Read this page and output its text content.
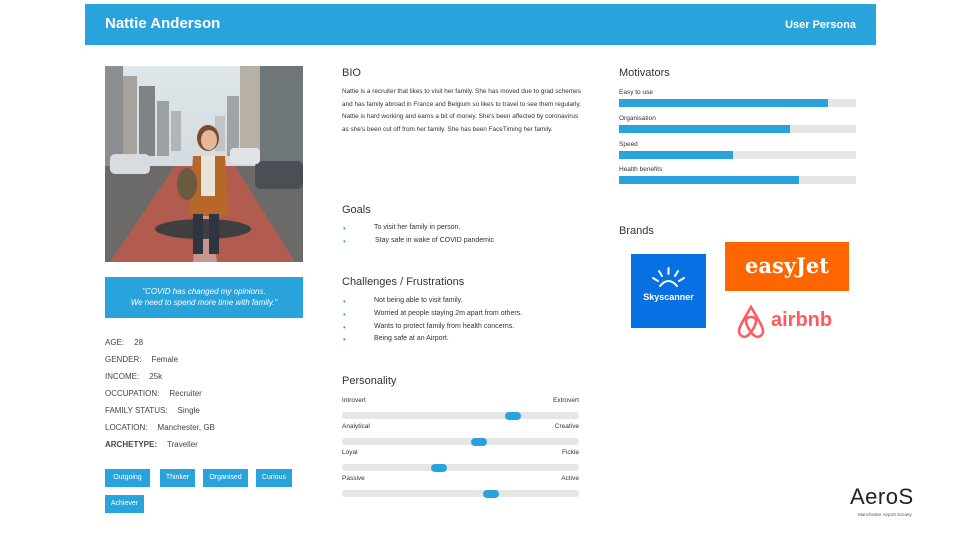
Nattie Anderson	User Persona
"COVID has changed my opinions.
We need to spend more time with family."
AGE: 28
GENDER: Female
INCOME: 25k
OCCUPATION: Recruiter
FAMILY STATUS: Single
LOCATION: Manchester, GB
ARCHETYPE: Traveller
Outgoing	Thinker	Organised	Curious
Achiever
BIO
Nattie is a recruiter that likes to visit her family. She has moved due to grad schemes and has family abroad in France and Belgium so likes to travel to see them regularly. Nattie is hard working and earns a bit of money. She's been affected by coronavirus as she's been cut off from her family. She has been FaceTiming her family.
Goals
•	To visit her family in person.
•	Stay safe in wake of COVID pandemic
Challenges / Frustrations
•	Not being able to visit family.
•	Worried at people staying 2m apart from others.
•	Wants to protect family from health concerns.
•	Being safe at an Airport.
Personality
Introvert	Extrovert
Analytical	Creative
Loyal	Fickle
Passive	Active
Motivators
Easy to use
Organisation
Speed
Health benefits
Brands
Skyscanner
easyJet
airbnb
AeroS
Manchester Airport Society
